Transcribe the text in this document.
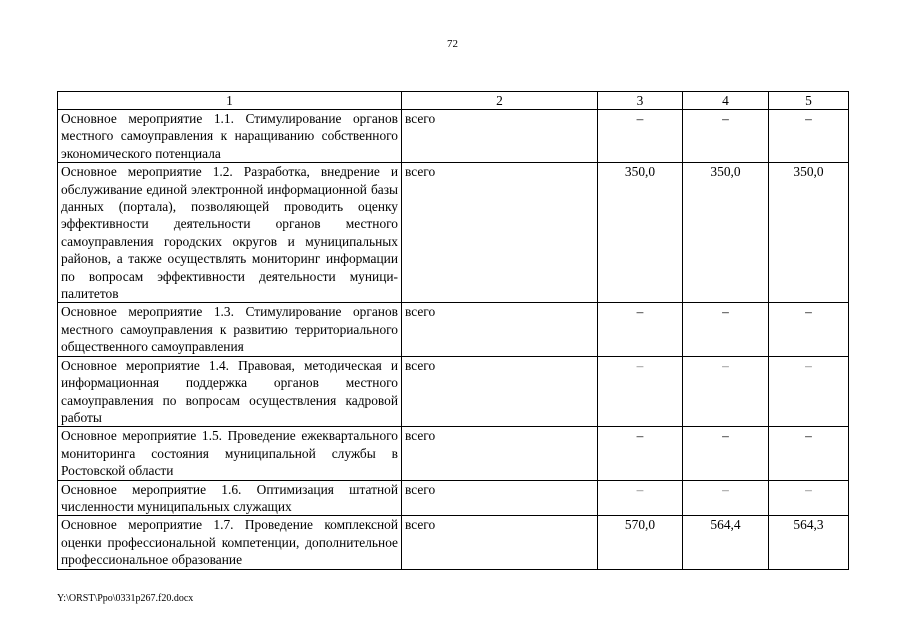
72
1	2	3	4	5
Основное мероприятие 1.1. Стимулирование органов местного самоуправления к наращиванию собственного экономического потенциала	всего	–	–	–
Основное мероприятие 1.2. Разработка, внедрение и обслуживание единой электронной информационной базы данных (портала), позволяющей проводить оценку эффективности деятельности органов местного самоуправления городских округов и муниципальных районов, а также осуществлять мониторинг информации по вопросам эффективности деятельности муниципалитетов	всего	350,0	350,0	350,0
Основное мероприятие 1.3. Стимулирование органов местного самоуправления к развитию территориального общественного самоуправления	всего	–	–	–
Основное мероприятие 1.4. Правовая, методическая и информационная поддержка органов местного самоуправления по вопросам осуществления кадровой работы	всего	–	–	–
Основное мероприятие 1.5. Проведение ежеквартального мониторинга состояния муниципальной службы в Ростовской области	всего	–	–	–
Основное мероприятие 1.6. Оптимизация штатной численности муниципальных служащих	всего	–	–	–
Основное мероприятие 1.7. Проведение комплексной оценки профессиональной компетенции, дополнительное профессиональное образование	всего	570,0	564,4	564,3
Y:\ORST\Ppo\0331p267.f20.docx
